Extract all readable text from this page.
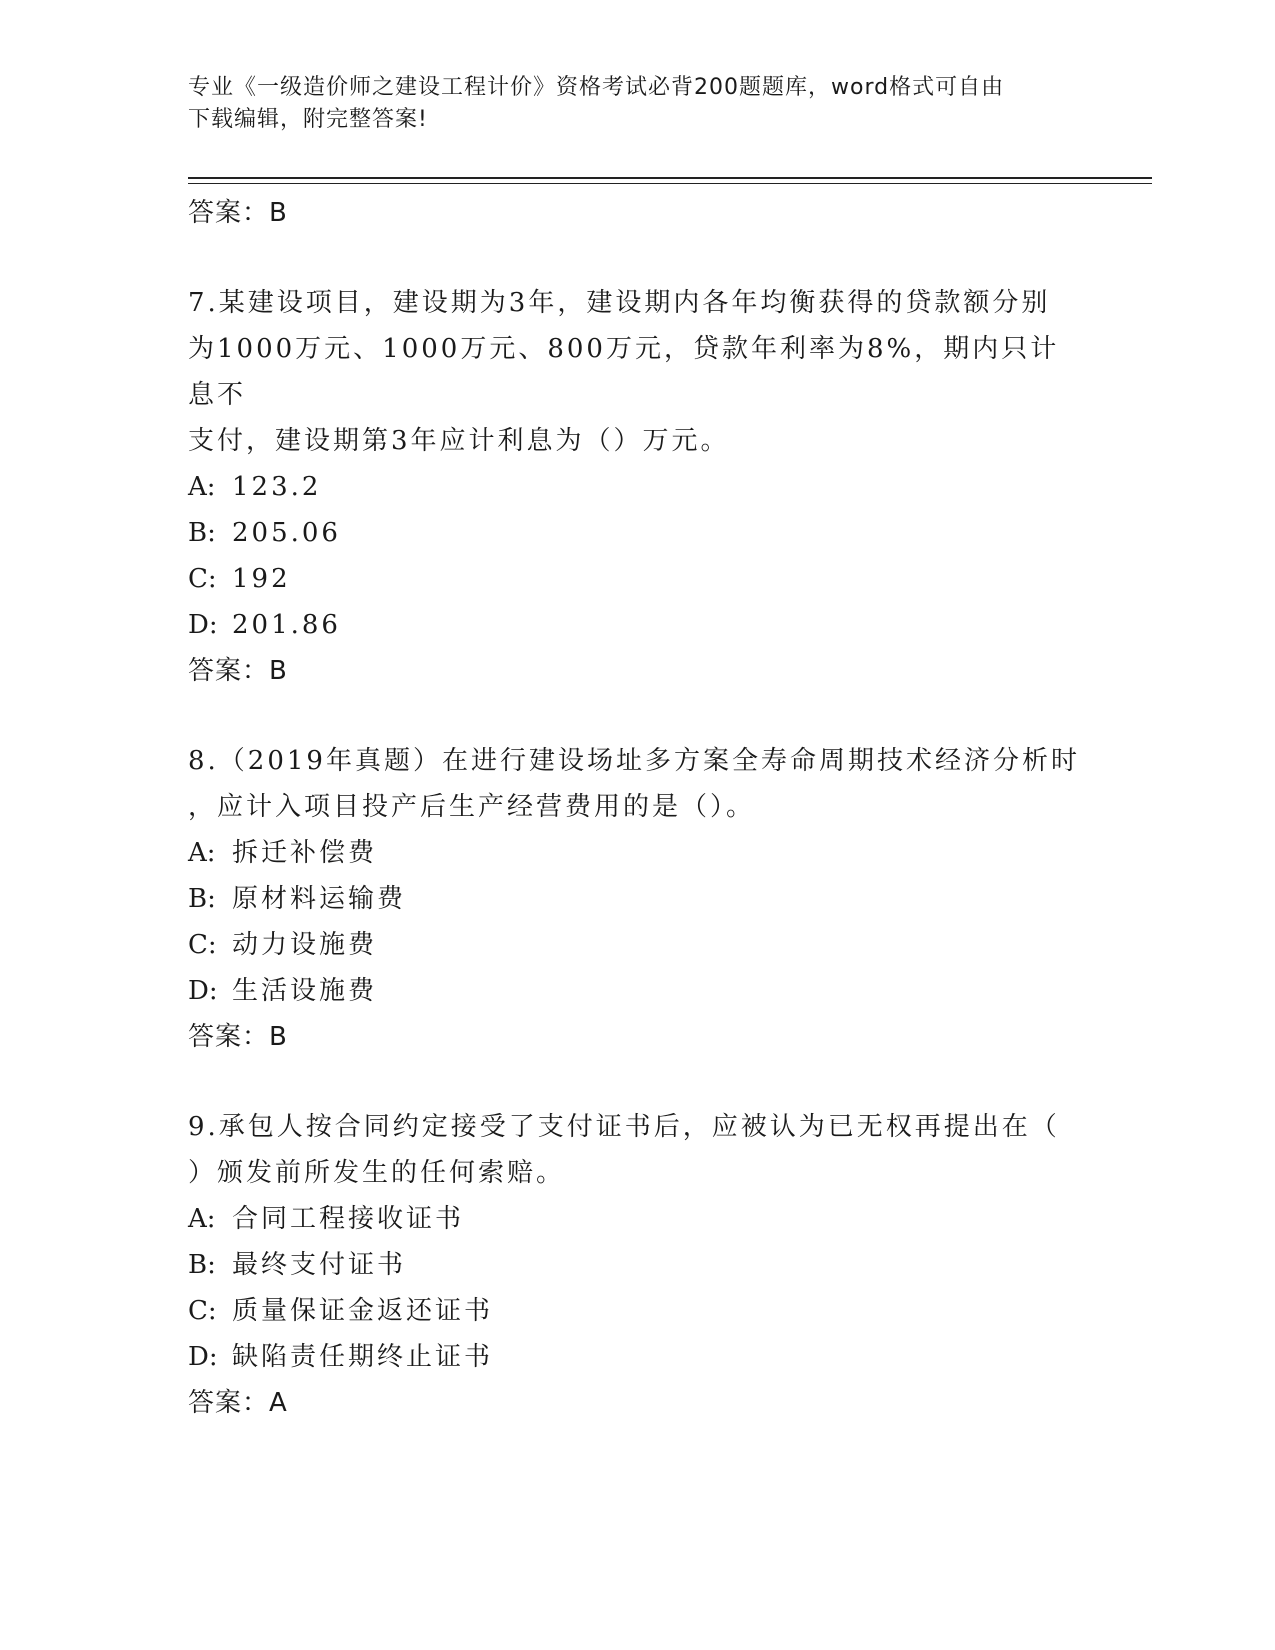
专业《一级造价师之建设工程计价》资格考试必背200题题库，word格式可自由
下载编辑，附完整答案!
答案：B
7.某建设项目，建设期为3年，建设期内各年均衡获得的贷款额分别
为1000万元、1000万元、800万元，贷款年利率为8%，期内只计息不
支付，建设期第3年应计利息为（）万元。
A: 123.2
B: 205.06
C: 192
D: 201.86
答案：B
8.（2019年真题）在进行建设场址多方案全寿命周期技术经济分析时
，应计入项目投产后生产经营费用的是（）。
A: 拆迁补偿费
B: 原材料运输费
C: 动力设施费
D: 生活设施费
答案：B
9.承包人按合同约定接受了支付证书后，应被认为已无权再提出在（
）颁发前所发生的任何索赔。
A: 合同工程接收证书
B: 最终支付证书
C: 质量保证金返还证书
D: 缺陷责任期终止证书
答案：A
